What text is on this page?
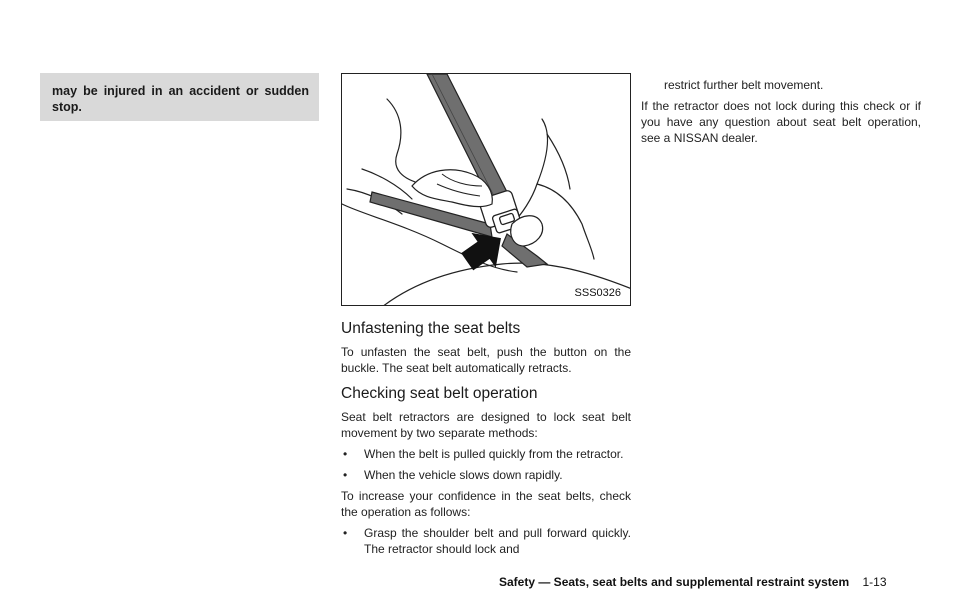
may be injured in an accident or sudden stop.
SSS0326
Unfastening the seat belts

To unfasten the seat belt, push the button on the buckle. The seat belt automatically retracts.

Checking seat belt operation

Seat belt retractors are designed to lock seat belt movement by two separate methods:

• When the belt is pulled quickly from the retractor.
• When the vehicle slows down rapidly.

To increase your confidence in the seat belts, check the operation as follows:

• Grasp the shoulder belt and pull forward quickly. The retractor should lock and

restrict further belt movement.

If the retractor does not lock during this check or if you have any question about seat belt operation, see a NISSAN dealer.

Safety — Seats, seat belts and supplemental restraint system 1-13
